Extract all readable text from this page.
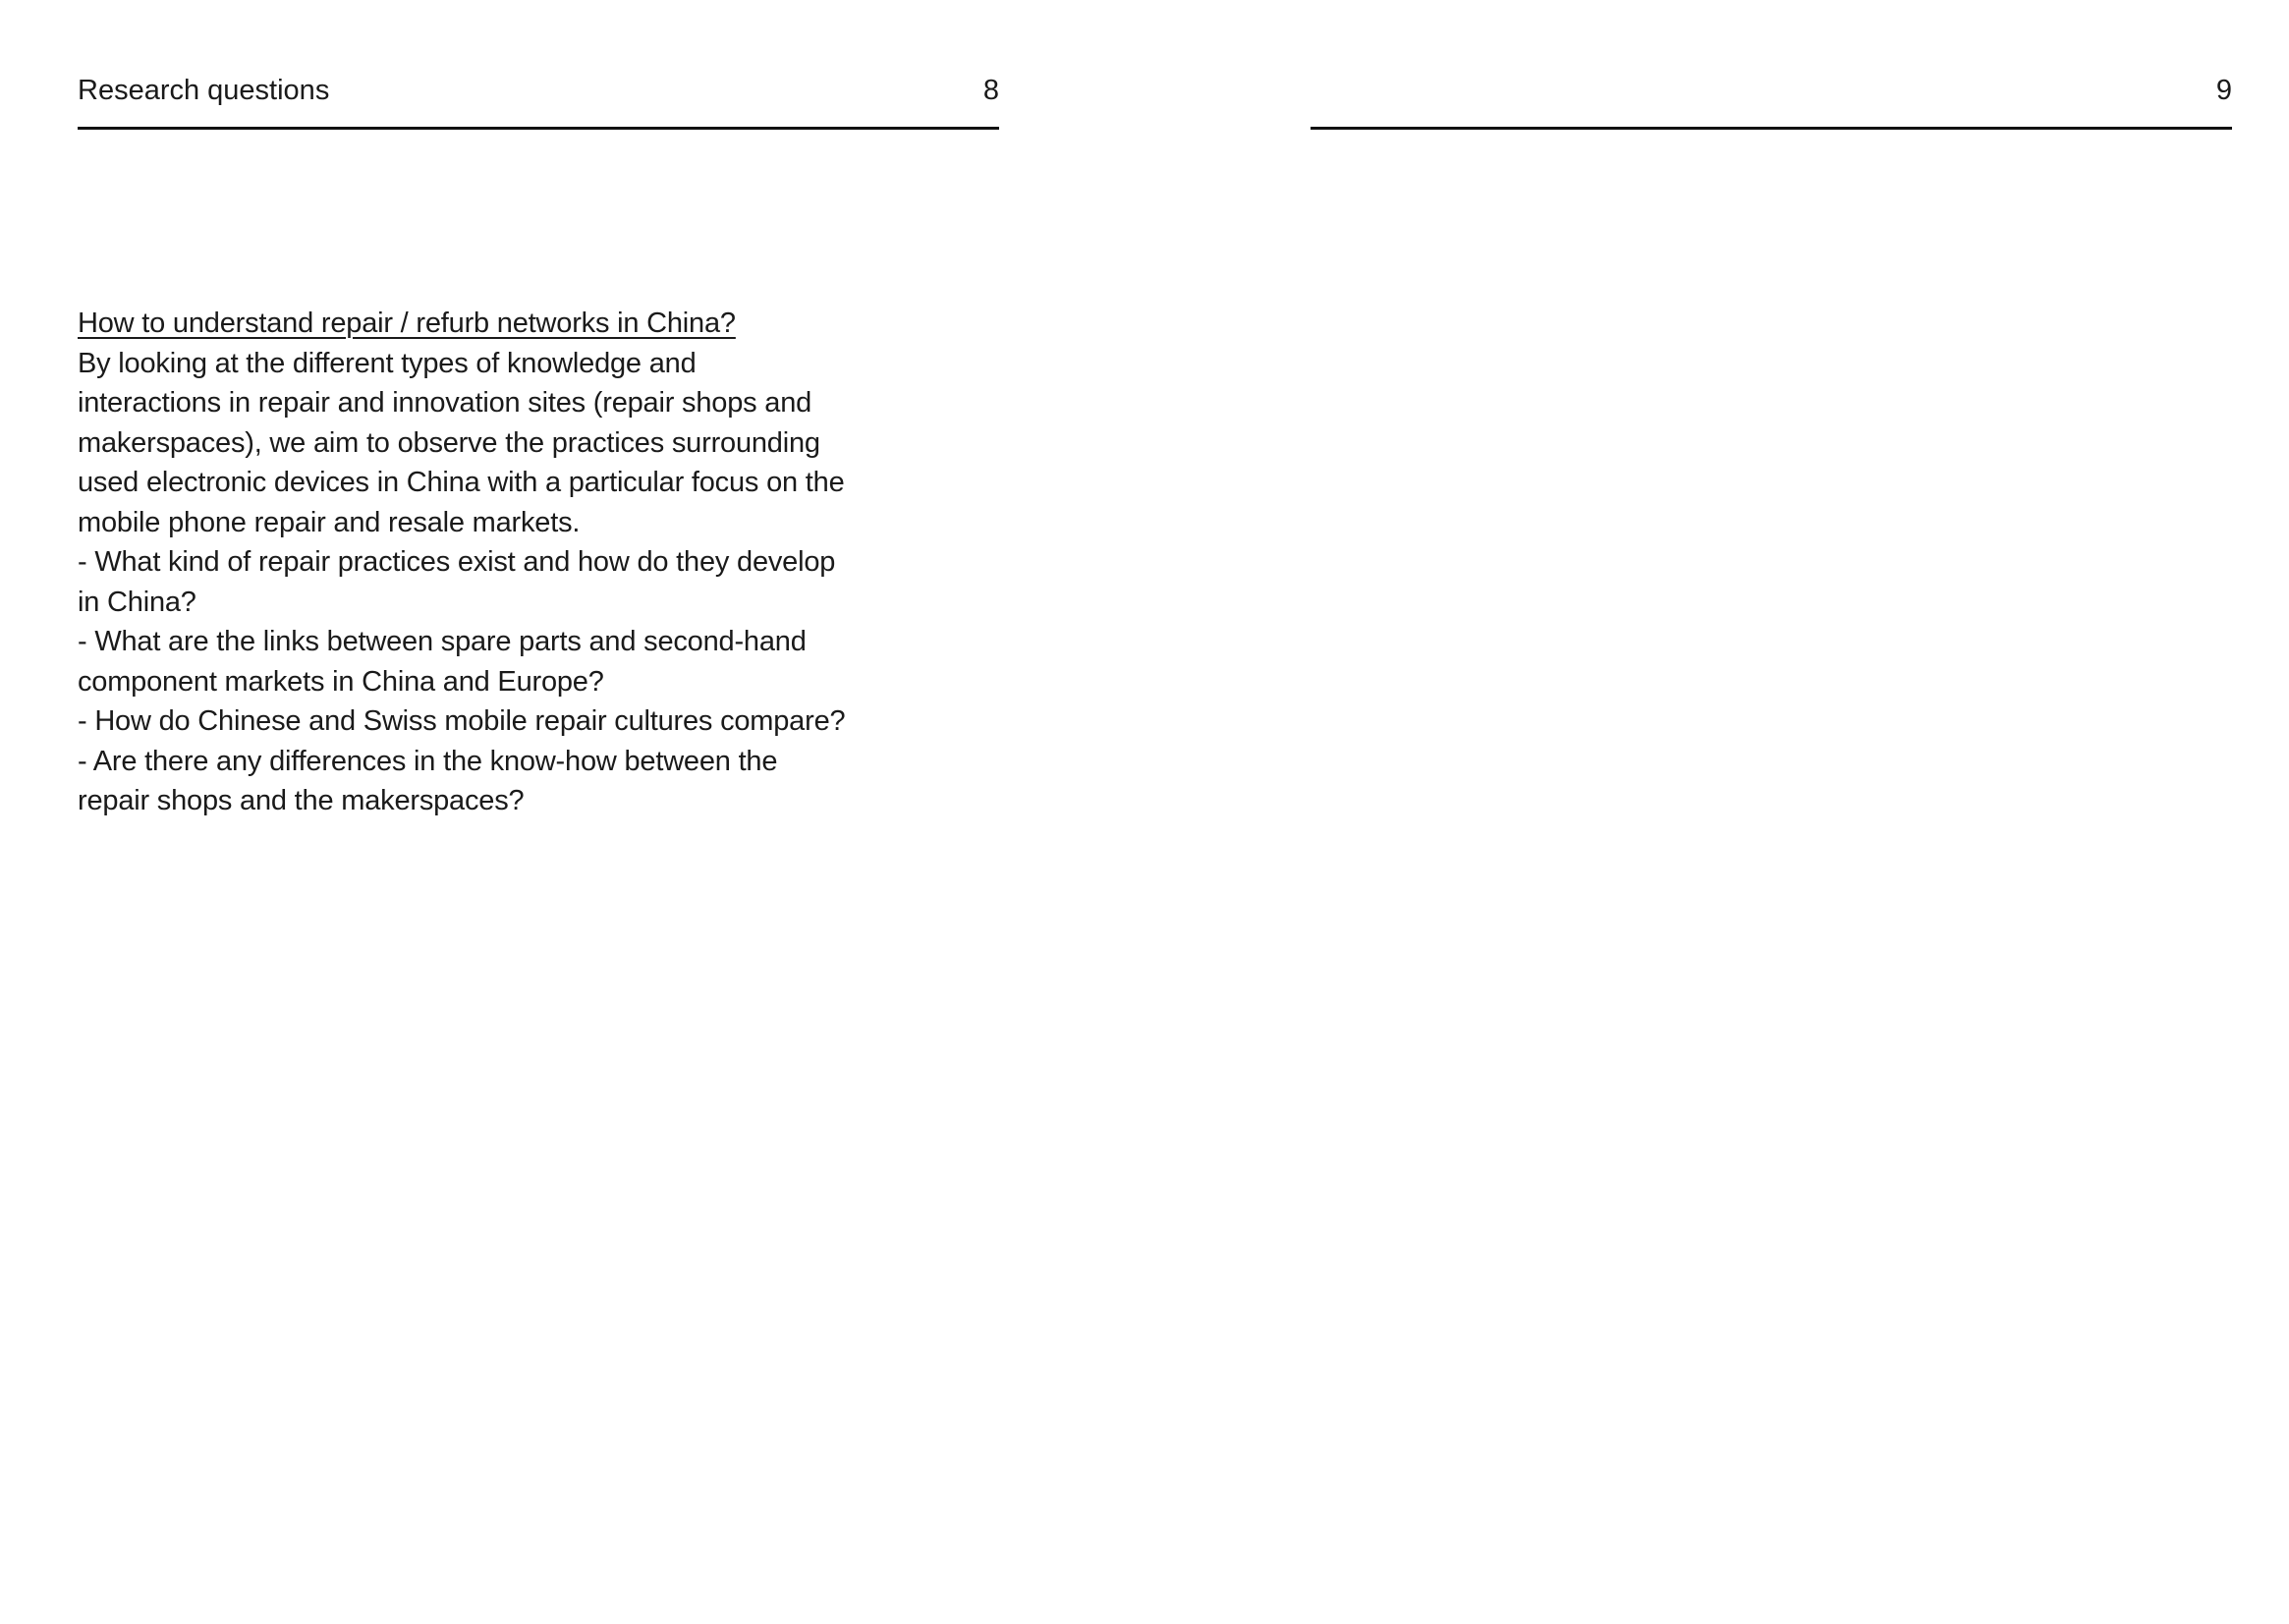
Research questions	8
How to understand repair / refurb networks in China?
By looking at the different types of knowledge and
interactions in repair and innovation sites (repair shops and
makerspaces), we aim to observe the practices surrounding
used electronic devices in China with a particular focus on the
mobile phone repair and resale markets.
- What kind of repair practices exist and how do they develop
in China?
- What are the links between spare parts and second-hand
component markets in China and Europe?
- How do Chinese and Swiss mobile repair cultures compare?
- Are there any differences in the know-how between the
repair shops and the makerspaces?
9
